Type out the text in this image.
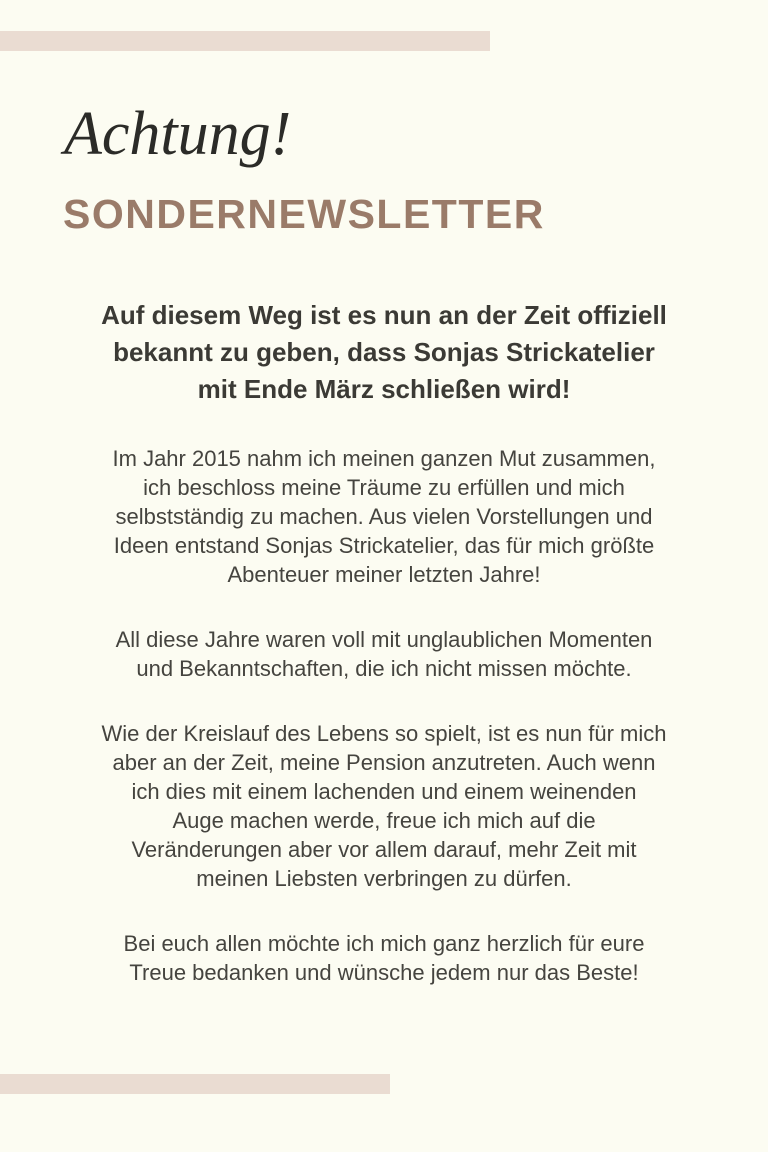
Achtung!
SONDERNEWSLETTER

Auf diesem Weg ist es nun an der Zeit offiziell
bekannt zu geben, dass Sonjas Strickatelier
mit Ende März schließen wird!

Im Jahr 2015 nahm ich meinen ganzen Mut zusammen,
ich beschloss meine Träume zu erfüllen und mich
selbstständig zu machen. Aus vielen Vorstellungen und
Ideen entstand Sonjas Strickatelier, das für mich größte
Abenteuer meiner letzten Jahre!

All diese Jahre waren voll mit unglaublichen Momenten
und Bekanntschaften, die ich nicht missen möchte.

Wie der Kreislauf des Lebens so spielt, ist es nun für mich
aber an der Zeit, meine Pension anzutreten. Auch wenn
ich dies mit einem lachenden und einem weinenden
Auge machen werde, freue ich mich auf die
Veränderungen aber vor allem darauf, mehr Zeit mit
meinen Liebsten verbringen zu dürfen.

Bei euch allen möchte ich mich ganz herzlich für eure
Treue bedanken und wünsche jedem nur das Beste!
